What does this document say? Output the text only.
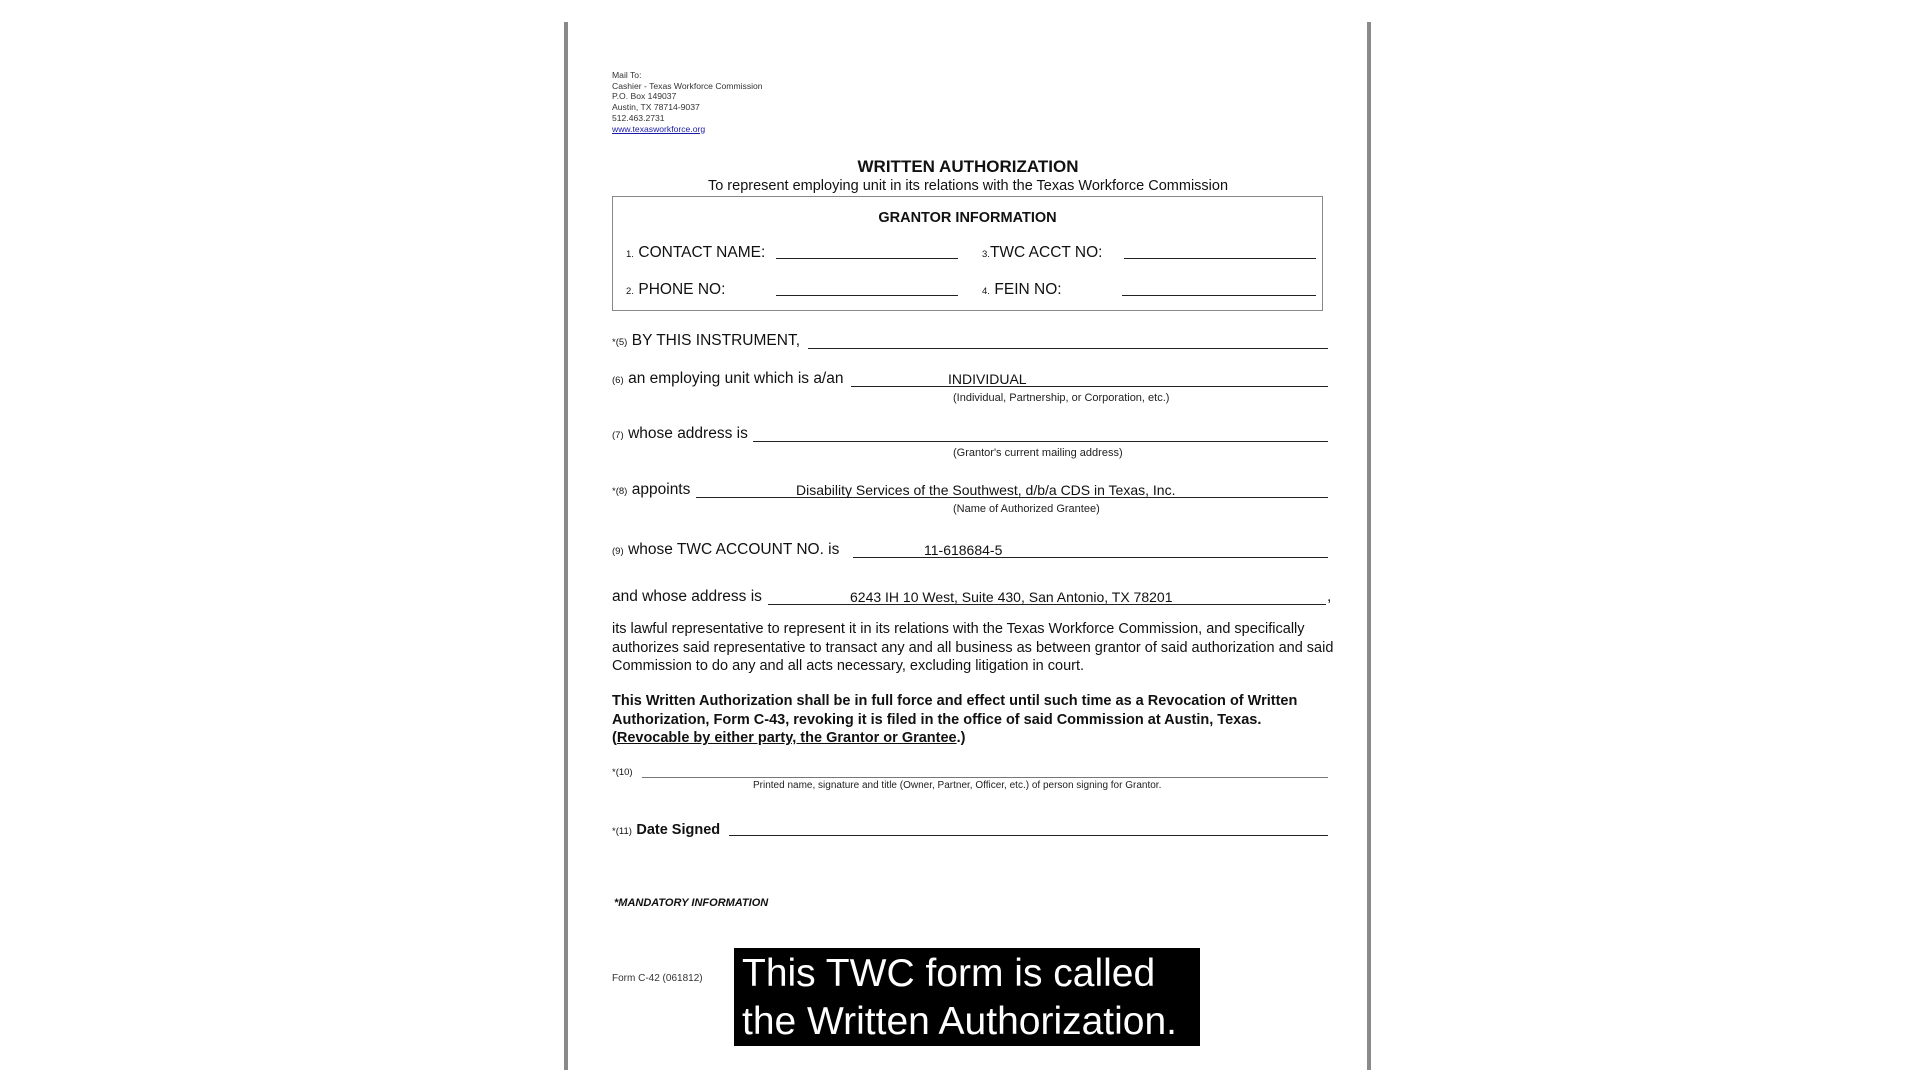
Mail To:
Cashier - Texas Workforce Commission
P.O. Box 149037
Austin, TX 78714-9037
512.463.2731
www.texasworkforce.org
WRITTEN AUTHORIZATION
To represent employing unit in its relations with the Texas Workforce Commission
GRANTOR INFORMATION
1. CONTACT NAME:	3.TWC ACCT NO:
2. PHONE NO:	4. FEIN NO:
*(5) BY THIS INSTRUMENT,
(6) an employing unit which is a/an	INDIVIDUAL
(Individual, Partnership, or Corporation, etc.)
(7) whose address is
(Grantor's current mailing address)
*(8) appoints	Disability Services of the Southwest, d/b/a CDS in Texas, Inc.
(Name of Authorized Grantee)
(9) whose TWC ACCOUNT NO. is	11-618684-5
and whose address is	6243 IH 10 West, Suite 430, San Antonio, TX 78201	,
its lawful representative to represent it in its relations with the Texas Workforce Commission, and specifically authorizes said representative to transact any and all business as between grantor of said authorization and said Commission to do any and all acts necessary, excluding litigation in court.
This Written Authorization shall be in full force and effect until such time as a Revocation of Written Authorization, Form C-43, revoking it is filed in the office of said Commission at Austin, Texas. (Revocable by either party, the Grantor or Grantee.)
*(10)
Printed name, signature and title (Owner, Partner, Officer, etc.) of person signing for Grantor.
*(11) Date Signed
*MANDATORY INFORMATION
Form C-42 (061812) This TWC form is called
the Written Authorization.
